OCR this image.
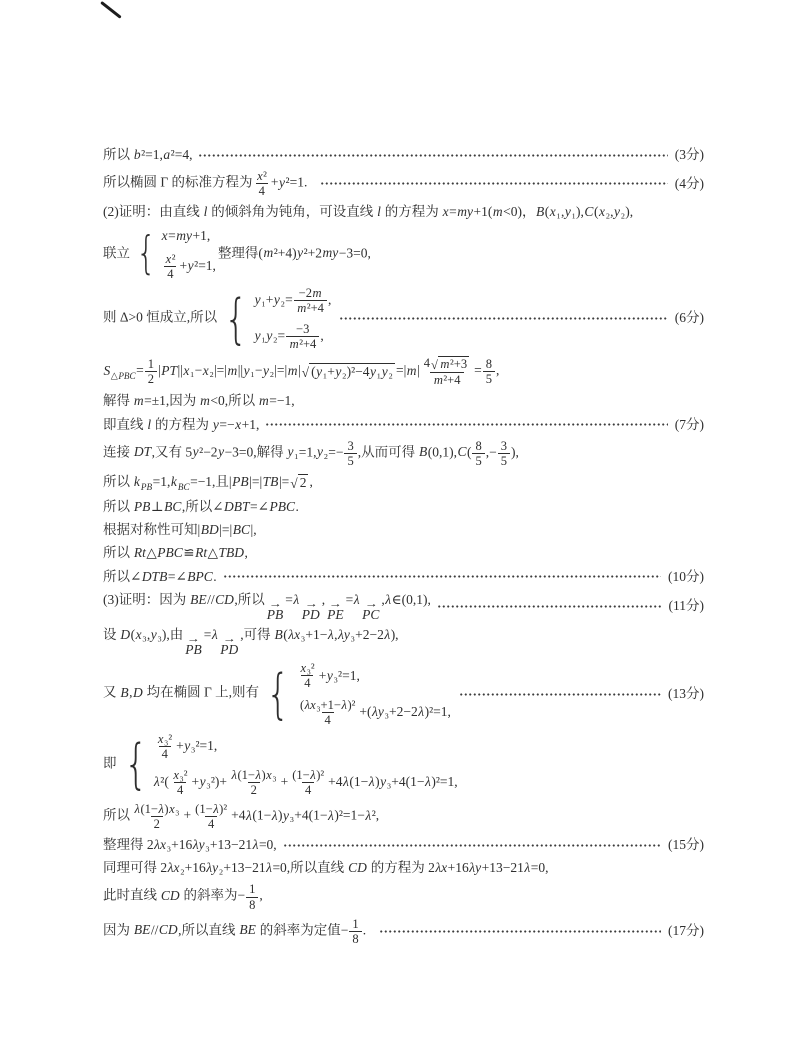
所以 b²=1,a²=4,	(3分)
所以椭圆 Γ 的标准方程为 $\frac{\text{x²}}{4} +y^2=1$. 	(4分)
(2)证明：由直线 l 的倾斜角为钝角，可设直线 l 的方程为 x=my+1(m<0)，B(x₁,y₁),C(x₂,y₂),
联立 { x=my+1,
$\frac{\text{x²}}{4} +y^2=1$,
整理得(m²+4)y²+2my−3=0,
则 Δ>0 恒成立,所以 { $y_1+y_2= \frac{-2m}{\text{m²+4}}$ ,
$y_1y_2= \frac{-3}{\text{m²+4}}$ ,
(6分)
$S_{\triangle PBC}= \frac{1}{2} |PT||x_1-x_2|=|m||y_1-y_2|=|m|$ √ $(y_1+y_2)^2-4y_1y_2 =|m| \frac{\text{4 √ m²+3}}{\text{m²+4}} = \frac{8}{5}$ ,
解得 m=±1,因为 m<0,所以 m=−1,
即直线 l 的方程为 y=−x+1,	(7分)
连接 DT,又有 5y²−2y−3=0,解得 $y_1=1,y_2=- \frac{3}{5}$ ,从而可得 $B(0,1),C( \frac{8}{5}$ ,− $\frac{3}{5}$ ),
所以 $k_{PB}=1,k_{BC}=-1$,且|PB|=|TB|= √ 2 ,
所以 PB⊥BC,所以∠DBT=∠PBC.
根据对称性可知|BD|=|BC|,
所以 Rt△PBC≌Rt△TBD,
所以∠DTB=∠BPC.	(10分)
(3)证明：因为 BE//CD,所以 →
PB
=λ →
PD
, →
PE
=λ →
PC
,λ∈(0,1),	(11分)
设 D(x₃,y₃),由 →
PB
=λ →
PD
,可得 B(λx₃+1−λ,λy₃+2−2λ),
又 B,D 均在椭圆 Γ 上,则有 { $\frac{\text{x₃²}}{4} +y_3^2=1$,
$\frac{\text{(λx₃+1−λ)²}}{4} +(\lambda y_3+2-2\lambda)^2=1$,
(13分)
即 { $\frac{\text{x₃²}}{4} +y_3^2=1$,
$\lambda^2( \frac{\text{x₃²}}{4} +y_3^2)+ \frac{\text{λ(1−λ)x₃}}{2} + \frac{\text{(1−λ)²}}{4} +4\lambda(1-\lambda)y_3+4(1-\lambda)^2=1$,
所以 $\frac{\text{λ(1−λ)x₃}}{2} + \frac{\text{(1−λ)²}}{4} +4\lambda(1-\lambda)y_3+4(1-\lambda)^2=1-\lambda^2$,
整理得 2λx₃+16λy₃+13−21λ=0,	(15分)
同理可得 2λx₂+16λy₂+13−21λ=0,所以直线 CD 的方程为 2λx+16λy+13−21λ=0,
此时直线 CD 的斜率为− $\frac{1}{8}$ ,
因为 BE//CD,所以直线 BE 的斜率为定值− $\frac{1}{8}$ . 	(17分)
